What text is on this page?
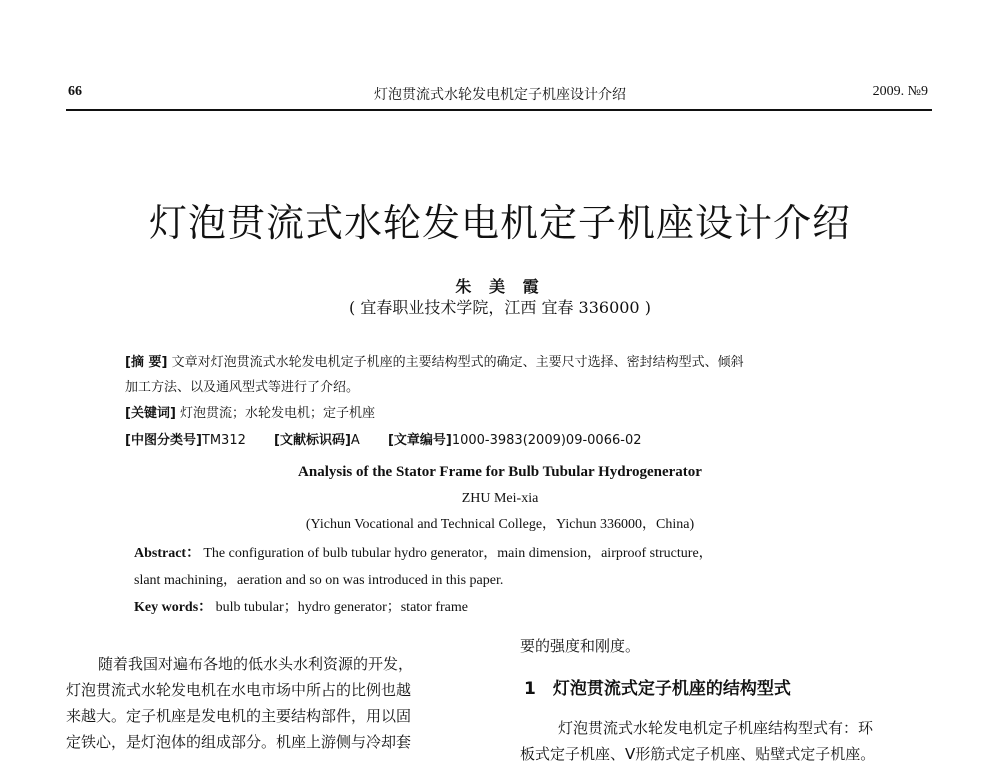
66	灯泡贯流式水轮发电机定子机座设计介绍	2009. №9
灯泡贯流式水轮发电机定子机座设计介绍
朱 美 霞
( 宜春职业技术学院，江西 宜春 336000 )
[摘 要] 文章对灯泡贯流式水轮发电机定子机座的主要结构型式的确定、主要尺寸选择、密封结构型式、倾斜
加工方法、以及通风型式等进行了介绍。
[关键词] 灯泡贯流；水轮发电机；定子机座
[中图分类号]TM312 [文献标识码]A [文章编号]1000-3983(2009)09-0066-02
Analysis of the Stator Frame for Bulb Tubular Hydrogenerator
ZHU Mei-xia
(Yichun Vocational and Technical College，Yichun 336000，China)
Abstract： The configuration of bulb tubular hydro generator，main dimension，airproof structure，
slant machining，aeration and so on was introduced in this paper.
Key words： bulb tubular；hydro generator；stator frame
随着我国对遍布各地的低水头水利资源的开发，
灯泡贯流式水轮发电机在水电市场中所占的比例也越
来越大。定子机座是发电机的主要结构部件，用以固
定铁心，是灯泡体的组成部分。机座上游侧与冷却套
要的强度和刚度。
1　灯泡贯流式定子机座的结构型式
灯泡贯流式水轮发电机定子机座结构型式有：环
板式定子机座、V形筋式定子机座、贴壁式定子机座。
